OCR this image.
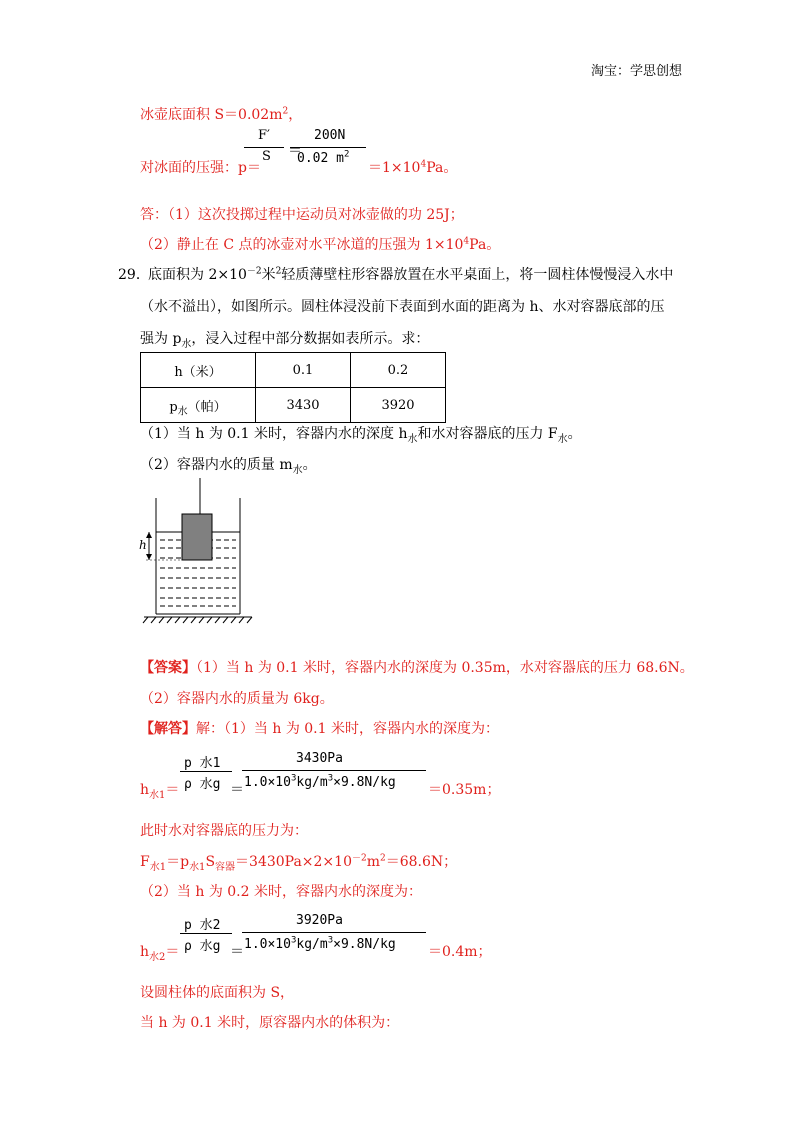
淘宝：学思创想
冰壶底面积 $S=0.02m^2$，
F′
S ＝
200N
0.02 $m^2$
对冰面的压强：p＝	$=1\times 10^4Pa$。
答：（1）这次投掷过程中运动员对冰壶做的功 25J；
（2）静止在 C 点的冰壶对水平冰道的压强为 $1\times 10^4Pa$。
29．
底面积为 $2\times 10^{-2}$米$^2$轻质薄壁柱形容器放置在水平桌面上，将一圆柱体慢慢浸入水中
（水不溢出），如图所示。圆柱体浸没前下表面到水面的距离为 h、水对容器底部的压
强为 $p_水$，浸入过程中部分数据如表所示。求：
h（米）	0.1	0.2
$p_水$（帕）	3430	3920
（1）当 h 为 0.1 米时，容器内水的深度 $h_水$和水对容器底的压力 $F_水$。
（2）容器内水的质量 $m_水$。
h
【答案】（1）当 h 为 0.1 米时，容器内水的深度为 0.35m，水对容器底的压力 68.6N。
（2）容器内水的质量为 6kg。
【解答】解：（1）当 h 为 0.1 米时，容器内水的深度为：
$h_{水1}=$
p 水1
ρ 水g ＝
3430Pa
$1.0\times 10^3kg/m^3\times 9.8N/kg =0.35m$；
此时水对容器底的压力为：
$F_{水1}=p_{水1}S_{容器}=3430Pa\times 2\times 10^{-2}m^2=68.6N$；
（2）当 h 为 0.2 米时，容器内水的深度为：
$h_{水2}=$
p 水2
ρ 水g ＝
3920Pa
$1.0\times 10^3kg/m^3\times 9.8N/kg =0.4m$；
设圆柱体的底面积为 S，
当 h 为 0.1 米时，原容器内水的体积为：
